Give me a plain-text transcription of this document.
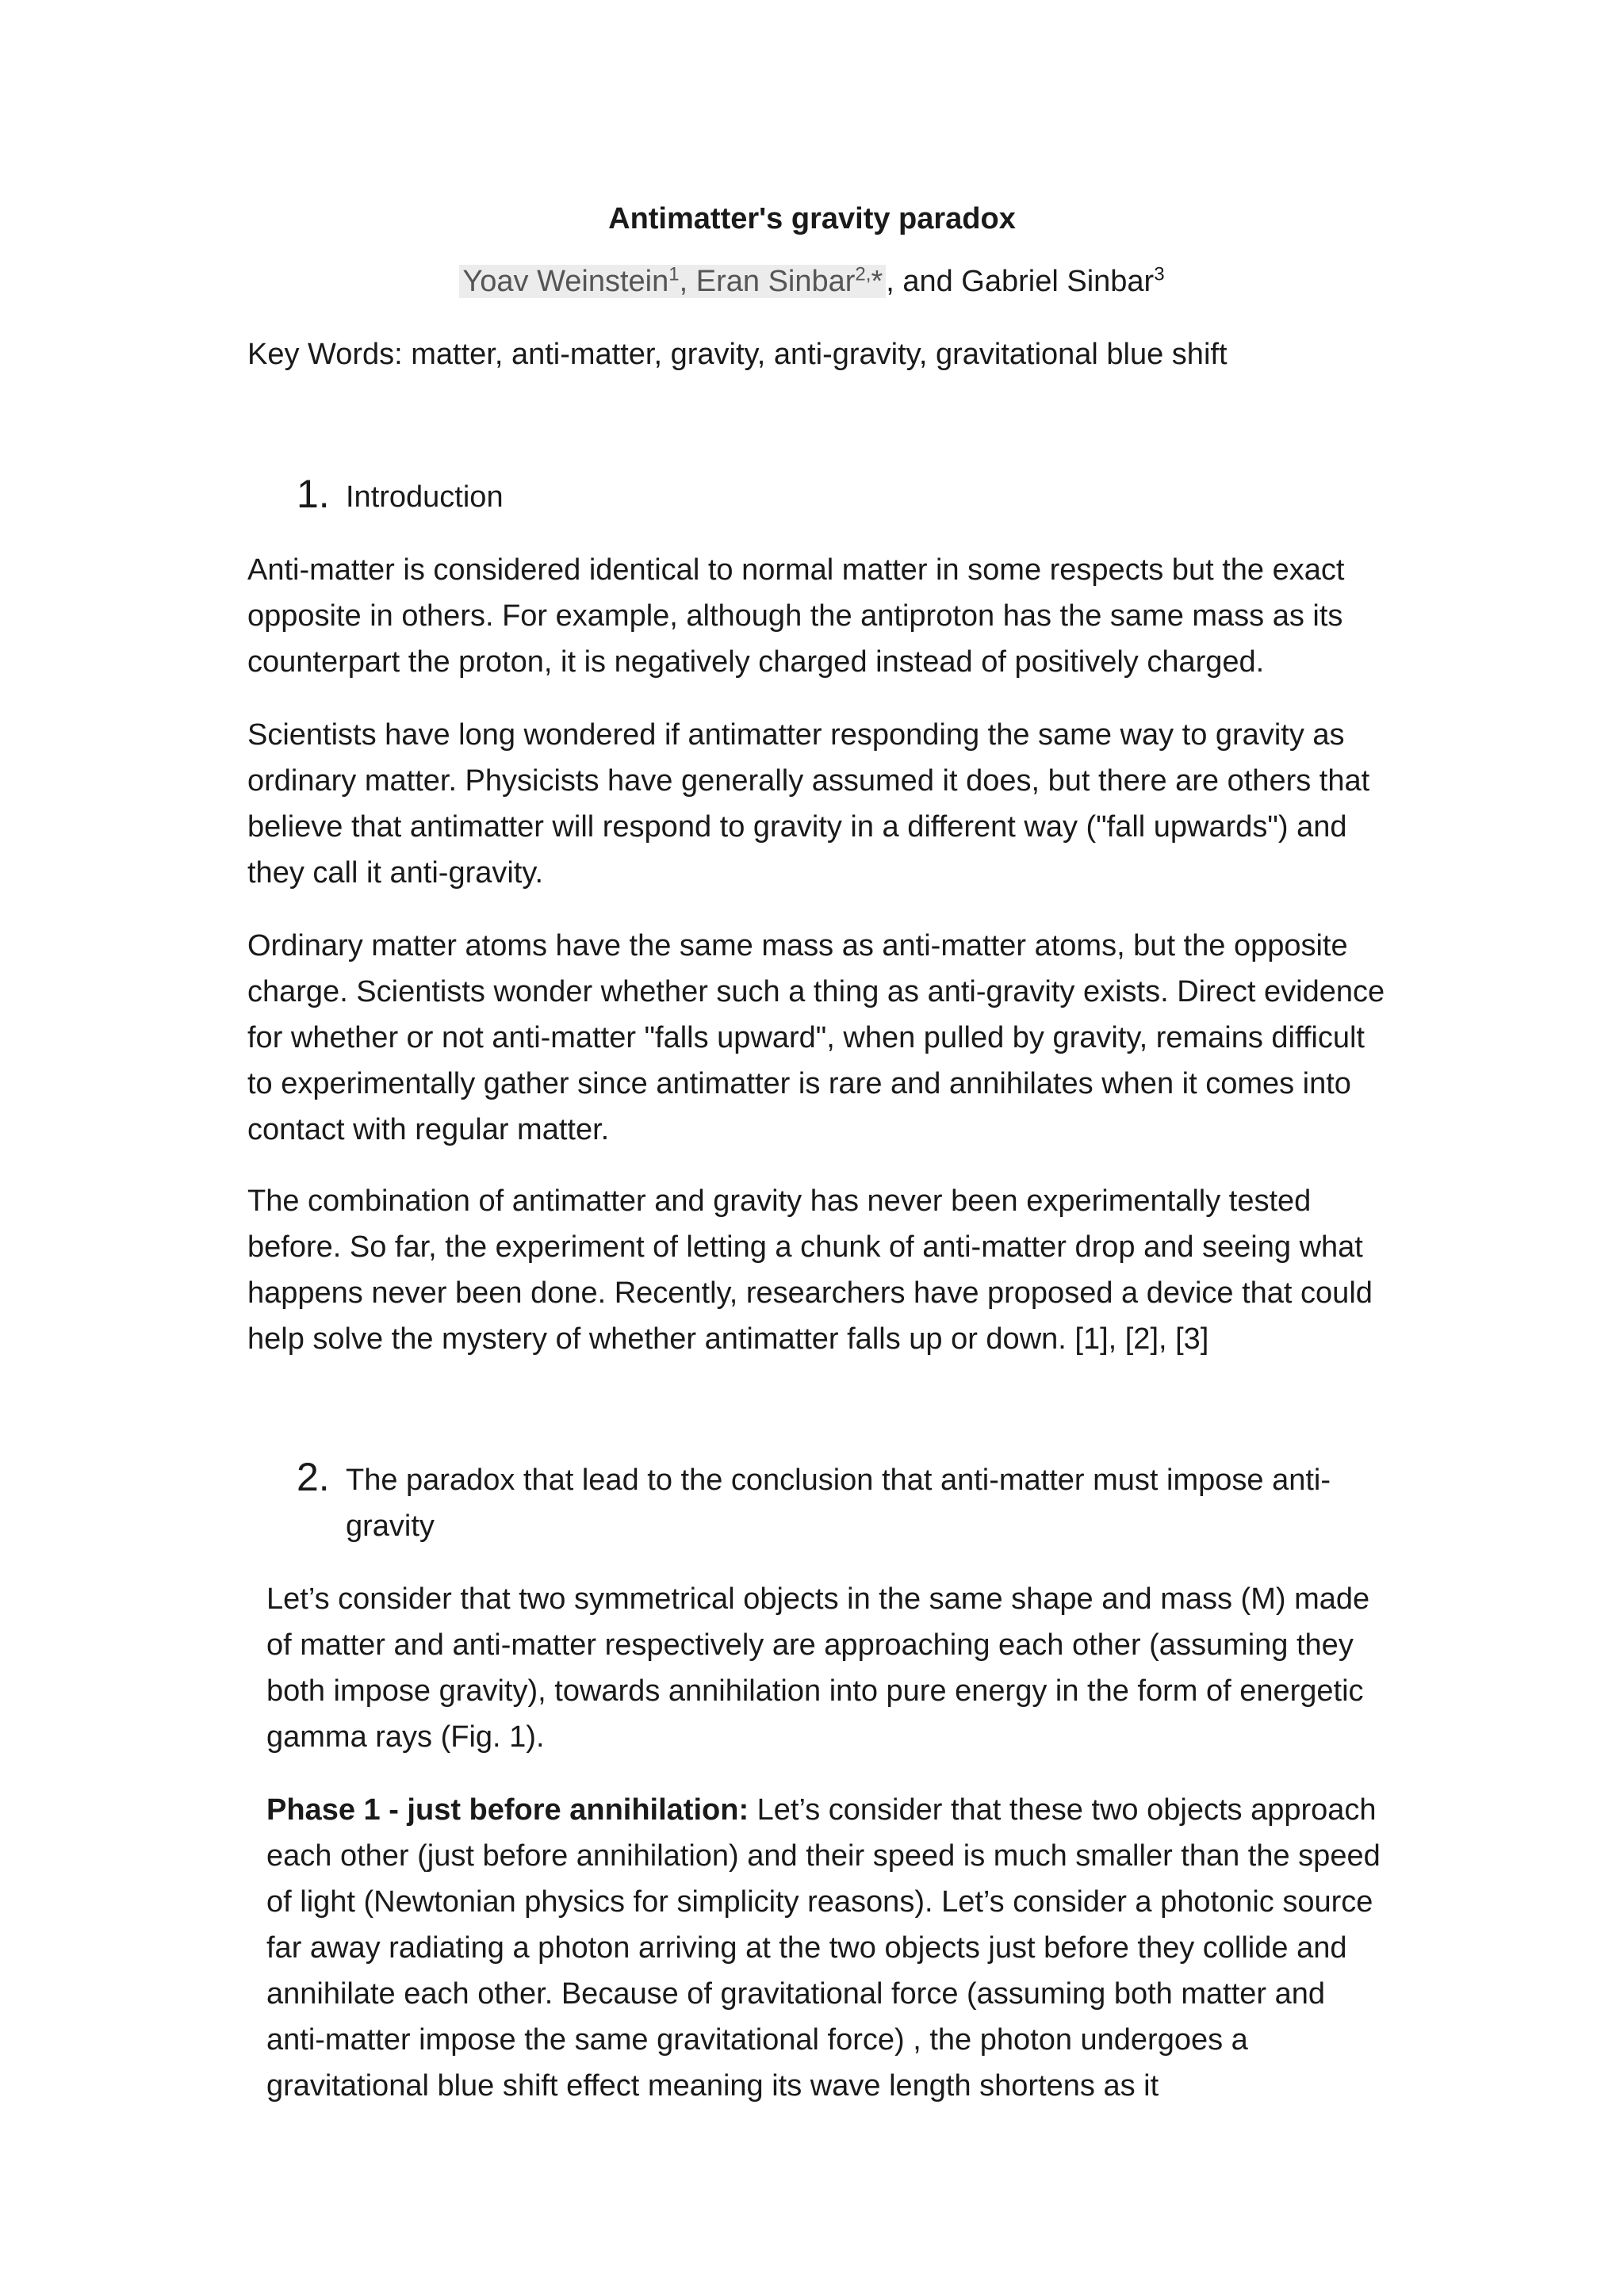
Antimatter's gravity paradox
Yoav Weinstein$^1$, Eran Sinbar$^{2,}$* , and Gabriel Sinbar$^3$
Key Words: matter, anti-matter, gravity, anti-gravity, gravitational blue shift
1. Introduction

Anti-matter is considered identical to normal matter in some respects but the exact opposite in others. For example, although the antiproton has the same mass as its counterpart the proton, it is negatively charged instead of positively charged.

Scientists have long wondered if antimatter responding the same way to gravity as ordinary matter. Physicists have generally assumed it does, but there are others that believe that antimatter will respond to gravity in a different way ("fall upwards") and they call it anti-gravity.

Ordinary matter atoms have the same mass as anti-matter atoms, but the opposite charge. Scientists wonder whether such a thing as anti-gravity exists. Direct evidence for whether or not anti-matter "falls upward", when pulled by gravity, remains difficult to experimentally gather since antimatter is rare and annihilates when it comes into contact with regular matter.

The combination of antimatter and gravity has never been experimentally tested before. So far, the experiment of letting a chunk of anti-matter drop and seeing what happens never been done. Recently, researchers have proposed a device that could help solve the mystery of whether antimatter falls up or down. [1], [2], [3]

2. The paradox that lead to the conclusion that anti-matter must impose anti-gravity

Let’s consider that two symmetrical objects in the same shape and mass (M) made of matter and anti-matter respectively are approaching each other (assuming they both impose gravity), towards annihilation into pure energy in the form of energetic gamma rays (Fig. 1).

Phase 1 - just before annihilation: Let’s consider that these two objects approach each other (just before annihilation) and their speed is much smaller than the speed of light (Newtonian physics for simplicity reasons). Let’s consider a photonic source far away radiating a photon arriving at the two objects just before they collide and annihilate each other. Because of gravitational force (assuming both matter and anti-matter impose the same gravitational force) , the photon undergoes a gravitational blue shift effect meaning its wave length shortens as it
